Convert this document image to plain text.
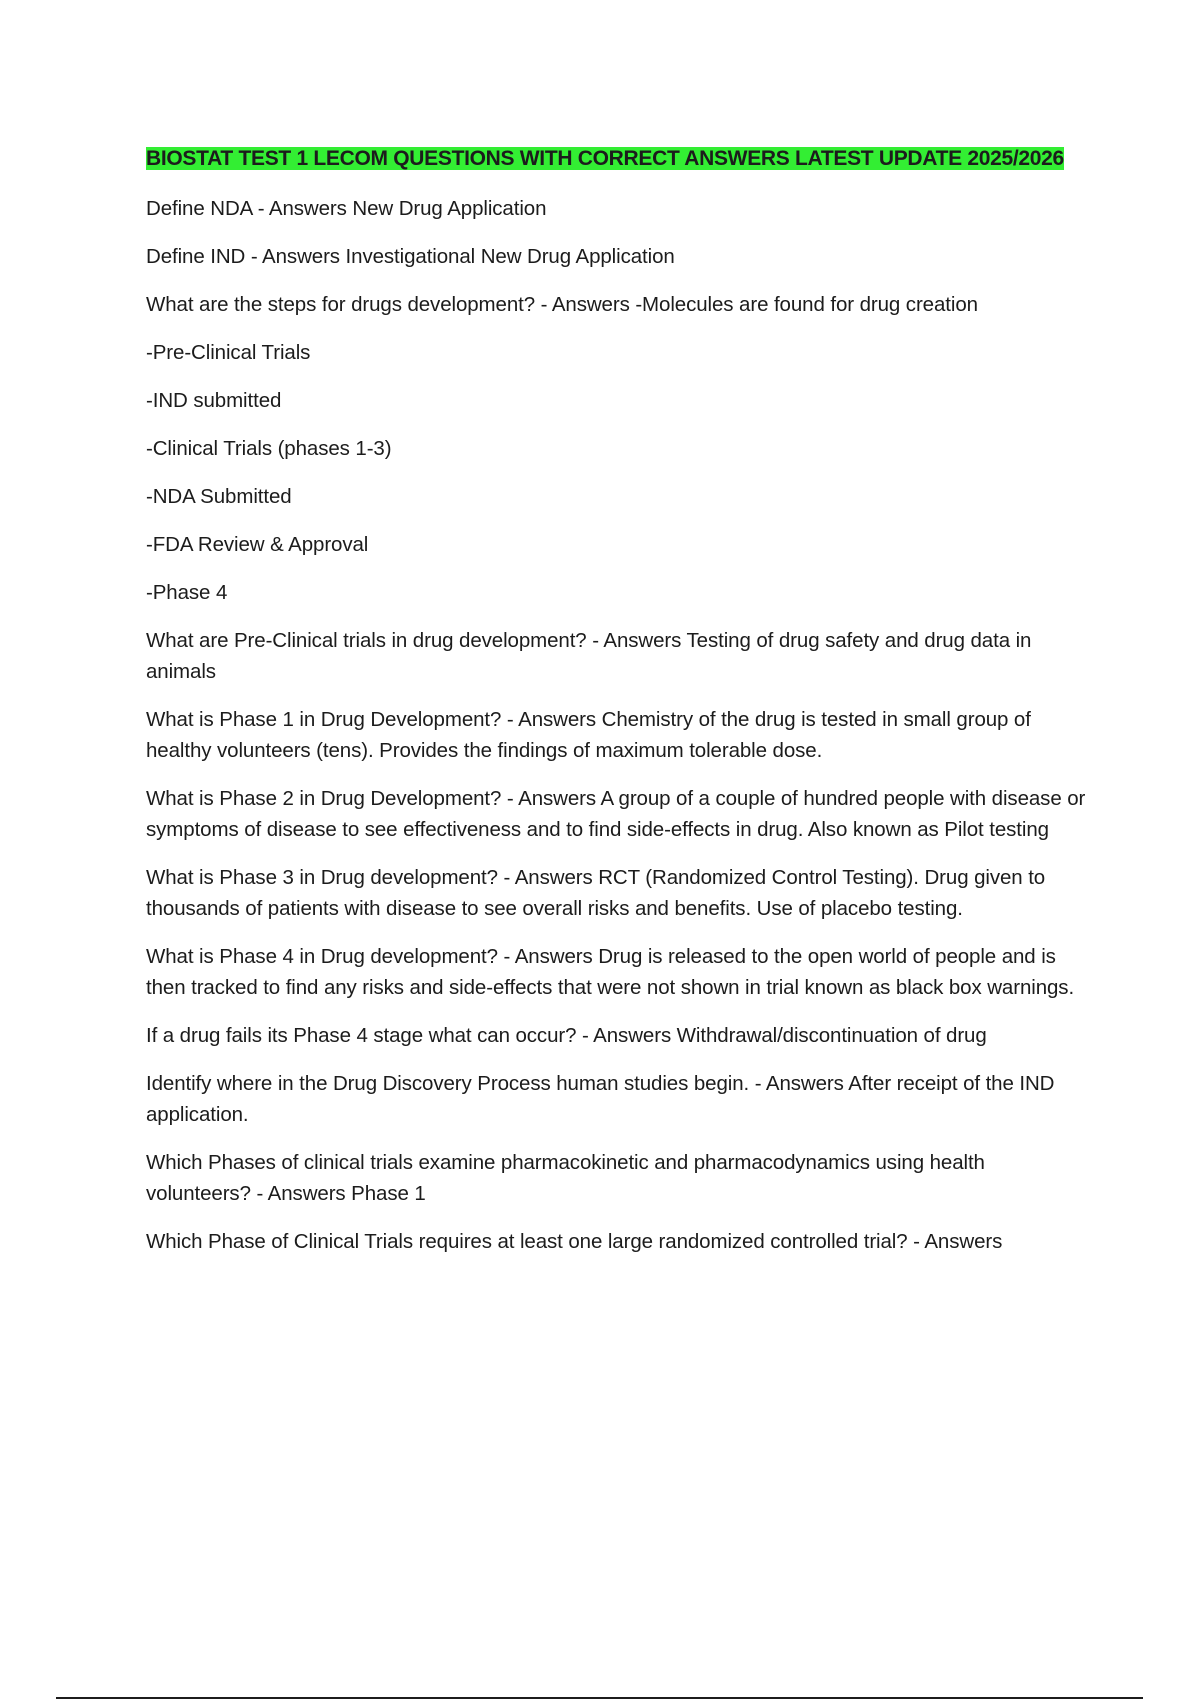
BIOSTAT TEST 1 LECOM QUESTIONS WITH CORRECT ANSWERS LATEST UPDATE 2025/2026

Define NDA - Answers New Drug Application

Define IND - Answers Investigational New Drug Application

What are the steps for drugs development? - Answers -Molecules are found for drug creation

-Pre-Clinical Trials

-IND submitted

-Clinical Trials (phases 1-3)

-NDA Submitted

-FDA Review & Approval

-Phase 4

What are Pre-Clinical trials in drug development? - Answers Testing of drug safety and drug data in animals

What is Phase 1 in Drug Development? - Answers Chemistry of the drug is tested in small group of healthy volunteers (tens). Provides the findings of maximum tolerable dose.

What is Phase 2 in Drug Development? - Answers A group of a couple of hundred people with disease or symptoms of disease to see effectiveness and to find side-effects in drug. Also known as Pilot testing

What is Phase 3 in Drug development? - Answers RCT (Randomized Control Testing). Drug given to thousands of patients with disease to see overall risks and benefits. Use of placebo testing.

What is Phase 4 in Drug development? - Answers Drug is released to the open world of people and is then tracked to find any risks and side-effects that were not shown in trial known as black box warnings.

If a drug fails its Phase 4 stage what can occur? - Answers Withdrawal/discontinuation of drug

Identify where in the Drug Discovery Process human studies begin. - Answers After receipt of the IND application.

Which Phases of clinical trials examine pharmacokinetic and pharmacodynamics using health volunteers? - Answers Phase 1

Which Phase of Clinical Trials requires at least one large randomized controlled trial? - Answers
